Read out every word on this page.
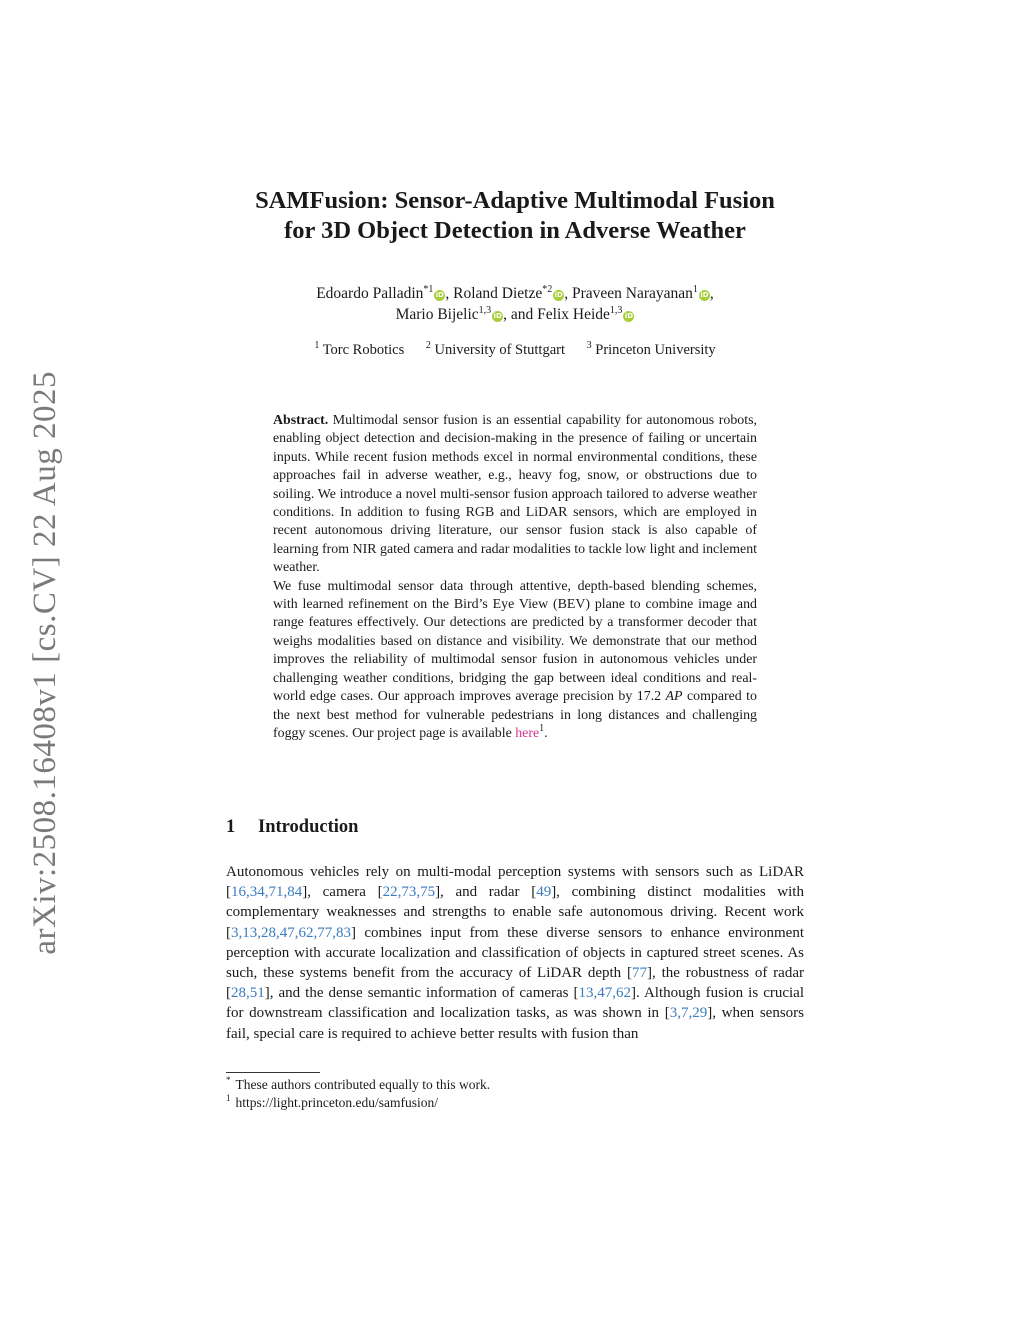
arXiv:2508.16408v1 [cs.CV] 22 Aug 2025
SAMFusion: Sensor-Adaptive Multimodal Fusion
for 3D Object Detection in Adverse Weather
Edoardo Palladin$^{*1}$ iD, Roland Dietze$^{*2}$ iD, Praveen Narayanan$^1$ iD,
Mario Bijelic$^{1,3}$ iD, and Felix Heide$^{1,3}$ iD
$^1$ Torc Robotics $^2$ University of Stuttgart $^3$ Princeton University

Abstract. Multimodal sensor fusion is an essential capability for autonomous robots, enabling object detection and decision-making in the presence of failing or uncertain inputs. While recent fusion methods excel in normal environmental conditions, these approaches fail in adverse weather, e.g., heavy fog, snow, or obstructions due to soiling. We introduce a novel multi-sensor fusion approach tailored to adverse weather conditions. In addition to fusing RGB and LiDAR sensors, which are employed in recent autonomous driving literature, our sensor fusion stack is also capable of learning from NIR gated camera and radar modalities to tackle low light and inclement weather.

We fuse multimodal sensor data through attentive, depth-based blending schemes, with learned refinement on the Bird’s Eye View (BEV) plane to combine image and range features effectively. Our detections are predicted by a transformer decoder that weighs modalities based on distance and visibility. We demonstrate that our method improves the reliability of multimodal sensor fusion in autonomous vehicles under challenging weather conditions, bridging the gap between ideal conditions and real-world edge cases. Our approach improves average precision by 17.2 AP compared to the next best method for vulnerable pedestrians in long distances and challenging foggy scenes. Our project page is available here$^1$.

1 Introduction

Autonomous vehicles rely on multi-modal perception systems with sensors such as LiDAR [16,34,71,84], camera [22,73,75], and radar [49], combining distinct modalities with complementary weaknesses and strengths to enable safe autonomous driving. Recent work [3,13,28,47,62,77,83] combines input from these diverse sensors to enhance environment perception with accurate localization and classification of objects in captured street scenes. As such, these systems benefit from the accuracy of LiDAR depth [77], the robustness of radar [28,51], and the dense semantic information of cameras [13,47,62]. Although fusion is crucial for downstream classification and localization tasks, as was shown in [3,7,29], when sensors fail, special care is required to achieve better results with fusion than

* These authors contributed equally to this work.
$^1$ https://light.princeton.edu/samfusion/
